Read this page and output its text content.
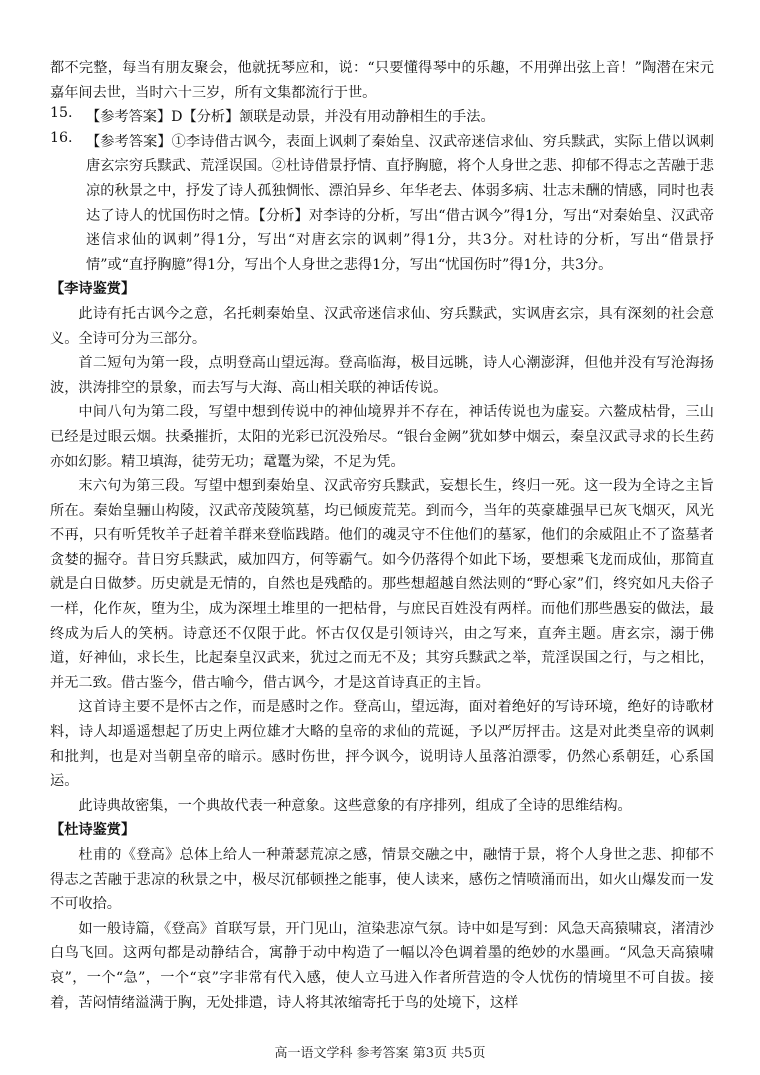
都不完整，每当有朋友聚会，他就抚琴应和，说：“只要懂得琴中的乐趣，不用弹出弦上音！”陶潜在宋元嘉年间去世，当时六十三岁，所有文集都流行于世。

15. 【参考答案】D【分析】颔联是动景，并没有用动静相生的手法。

16. 【参考答案】①李诗借古讽今，表面上讽刺了秦始皇、汉武帝迷信求仙、穷兵黩武，实际上借以讽刺唐玄宗穷兵黩武、荒淫误国。②杜诗借景抒情、直抒胸臆，将个人身世之悲、抑郁不得志之苦融于悲凉的秋景之中，抒发了诗人孤独惆怅、漂泊异乡、年华老去、体弱多病、壮志未酬的情感，同时也表达了诗人的忧国伤时之情。【分析】对李诗的分析，写出“借古讽今”得1分，写出“对秦始皇、汉武帝迷信求仙的讽刺”得1分，写出“对唐玄宗的讽刺”得1分，共3分。对杜诗的分析，写出“借景抒情”或“直抒胸臆”得1分，写出个人身世之悲得1分，写出“忧国伤时”得1分，共3分。

【李诗鉴赏】

此诗有托古讽今之意，名托刺秦始皇、汉武帝迷信求仙、穷兵黩武，实讽唐玄宗，具有深刻的社会意义。全诗可分为三部分。

首二短句为第一段，点明登高山望远海。登高临海，极目远眺，诗人心潮澎湃，但他并没有写沧海扬波，洪涛排空的景象，而去写与大海、高山相关联的神话传说。

中间八句为第二段，写望中想到传说中的神仙境界并不存在，神话传说也为虚妄。六鳌成枯骨，三山已经是过眼云烟。扶桑摧折，太阳的光彩已沉没殆尽。“银台金阙”犹如梦中烟云，秦皇汉武寻求的长生药亦如幻影。精卫填海，徒劳无功；鼋鼍为梁，不足为凭。

末六句为第三段。写望中想到秦始皇、汉武帝穷兵黩武，妄想长生，终归一死。这一段为全诗之主旨所在。秦始皇骊山构陵，汉武帝茂陵筑墓，均已倾废荒芜。到而今，当年的英豪雄强早已灰飞烟灭，风光不再，只有听凭牧羊子赶着羊群来登临践踏。他们的魂灵守不住他们的墓冢，他们的余威阻止不了盗墓者贪婪的掘夺。昔日穷兵黩武，威加四方，何等霸气。如今仍落得个如此下场，要想乘飞龙而成仙，那简直就是白日做梦。历史就是无情的，自然也是残酷的。那些想超越自然法则的“野心家”们，终究如凡夫俗子一样，化作灰，堕为尘，成为深埋土堆里的一把枯骨，与庶民百姓没有两样。而他们那些愚妄的做法，最终成为后人的笑柄。诗意还不仅限于此。怀古仅仅是引领诗兴，由之写来，直奔主题。唐玄宗，溺于佛道，好神仙，求长生，比起秦皇汉武来，犹过之而无不及；其穷兵黩武之举，荒淫误国之行，与之相比，并无二致。借古鉴今，借古喻今，借古讽今，才是这首诗真正的主旨。

这首诗主要不是怀古之作，而是感时之作。登高山，望远海，面对着绝好的写诗环境，绝好的诗歌材料，诗人却遥遥想起了历史上两位雄才大略的皇帝的求仙的荒诞，予以严厉抨击。这是对此类皇帝的讽刺和批判，也是对当朝皇帝的暗示。感时伤世，抨今讽今，说明诗人虽落泊漂零，仍然心系朝廷，心系国运。

此诗典故密集，一个典故代表一种意象。这些意象的有序排列，组成了全诗的思维结构。

【杜诗鉴赏】

杜甫的《登高》总体上给人一种萧瑟荒凉之感，情景交融之中，融情于景，将个人身世之悲、抑郁不得志之苦融于悲凉的秋景之中，极尽沉郁顿挫之能事，使人读来，感伤之情喷涌而出，如火山爆发而一发不可收拾。

如一般诗篇，《登高》首联写景，开门见山，渲染悲凉气氛。诗中如是写到：风急天高猿啸哀，渚清沙白鸟飞回。这两句都是动静结合，寓静于动中构造了一幅以冷色调着墨的绝妙的水墨画。“风急天高猿啸哀”，一个“急”，一个“哀”字非常有代入感，使人立马进入作者所营造的令人忧伤的情境里不可自拔。接着，苦闷情绪溢满于胸，无处排遣，诗人将其浓缩寄托于鸟的处境下，这样

高一语文学科 参考答案 第3页 共5页
